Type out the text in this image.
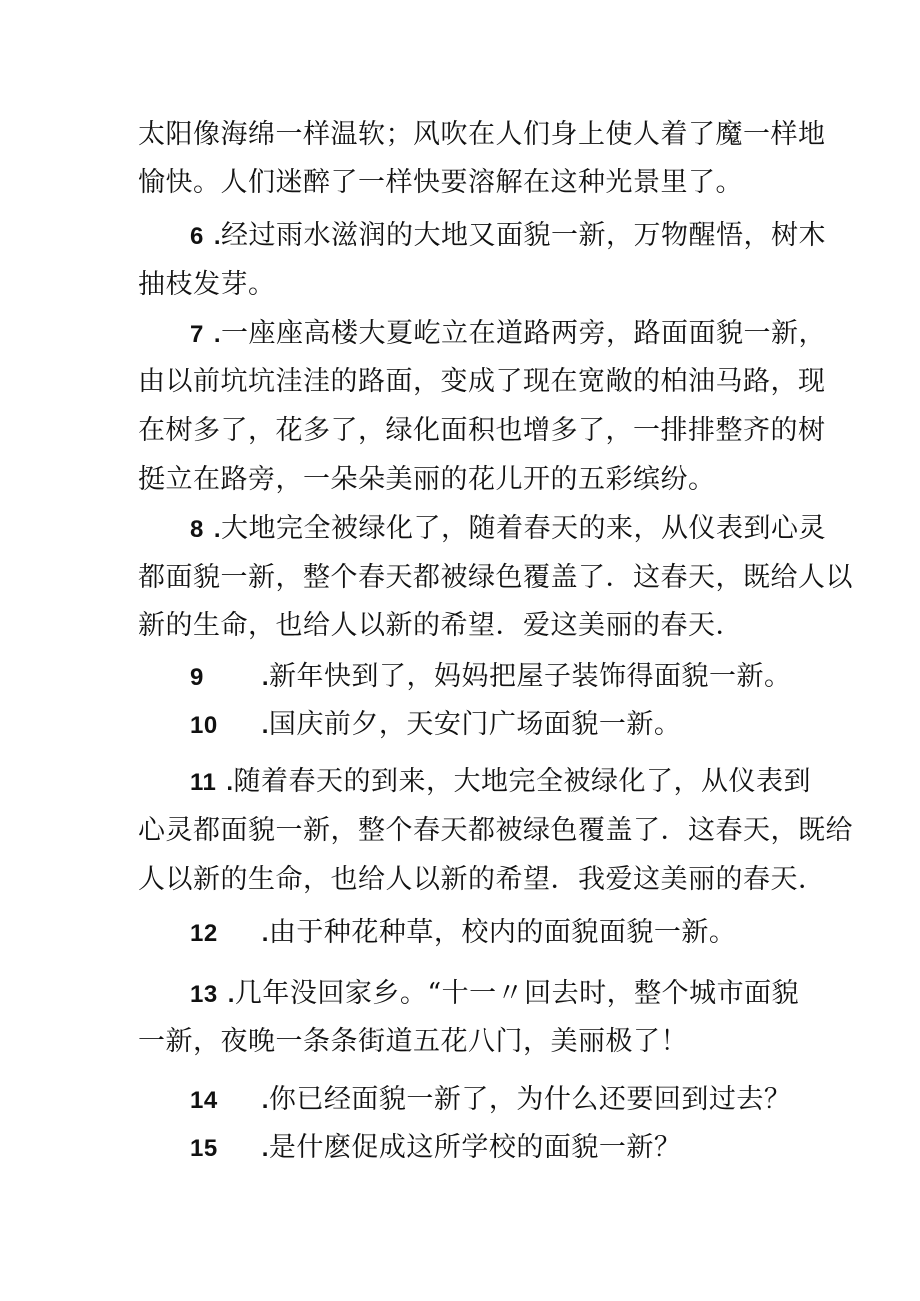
太阳像海绵一样温软；风吹在人们身上使人着了魔一样地
愉快。人们迷醉了一样快要溶解在这种光景里了。
6 .经过雨水滋润的大地又面貌一新，万物醒悟，树木
抽枝发芽。
7 .一座座高楼大夏屹立在道路两旁，路面面貌一新，
由以前坑坑洼洼的路面，变成了现在宽敞的柏油马路，现
在树多了，花多了，绿化面积也增多了，一排排整齐的树
挺立在路旁，一朵朵美丽的花儿开的五彩缤纷。
8 .大地完全被绿化了，随着春天的来，从仪表到心灵
都面貌一新，整个春天都被绿色覆盖了．这春天，既给人以
新的生命，也给人以新的希望．爱这美丽的春天．
9 .新年快到了，妈妈把屋子装饰得面貌一新。
10 .国庆前夕，天安门广场面貌一新。
11 .随着春天的到来，大地完全被绿化了，从仪表到
心灵都面貌一新，整个春天都被绿色覆盖了．这春天，既给
人以新的生命，也给人以新的希望．我爱这美丽的春天．
12 .由于种花种草，校内的面貌面貌一新。
13 .几年没回家乡。“十一〃回去时，整个城市面貌
一新，夜晚一条条街道五花八门，美丽极了！
14 .你已经面貌一新了，为什么还要回到过去？
15 .是什麽促成这所学校的面貌一新？
